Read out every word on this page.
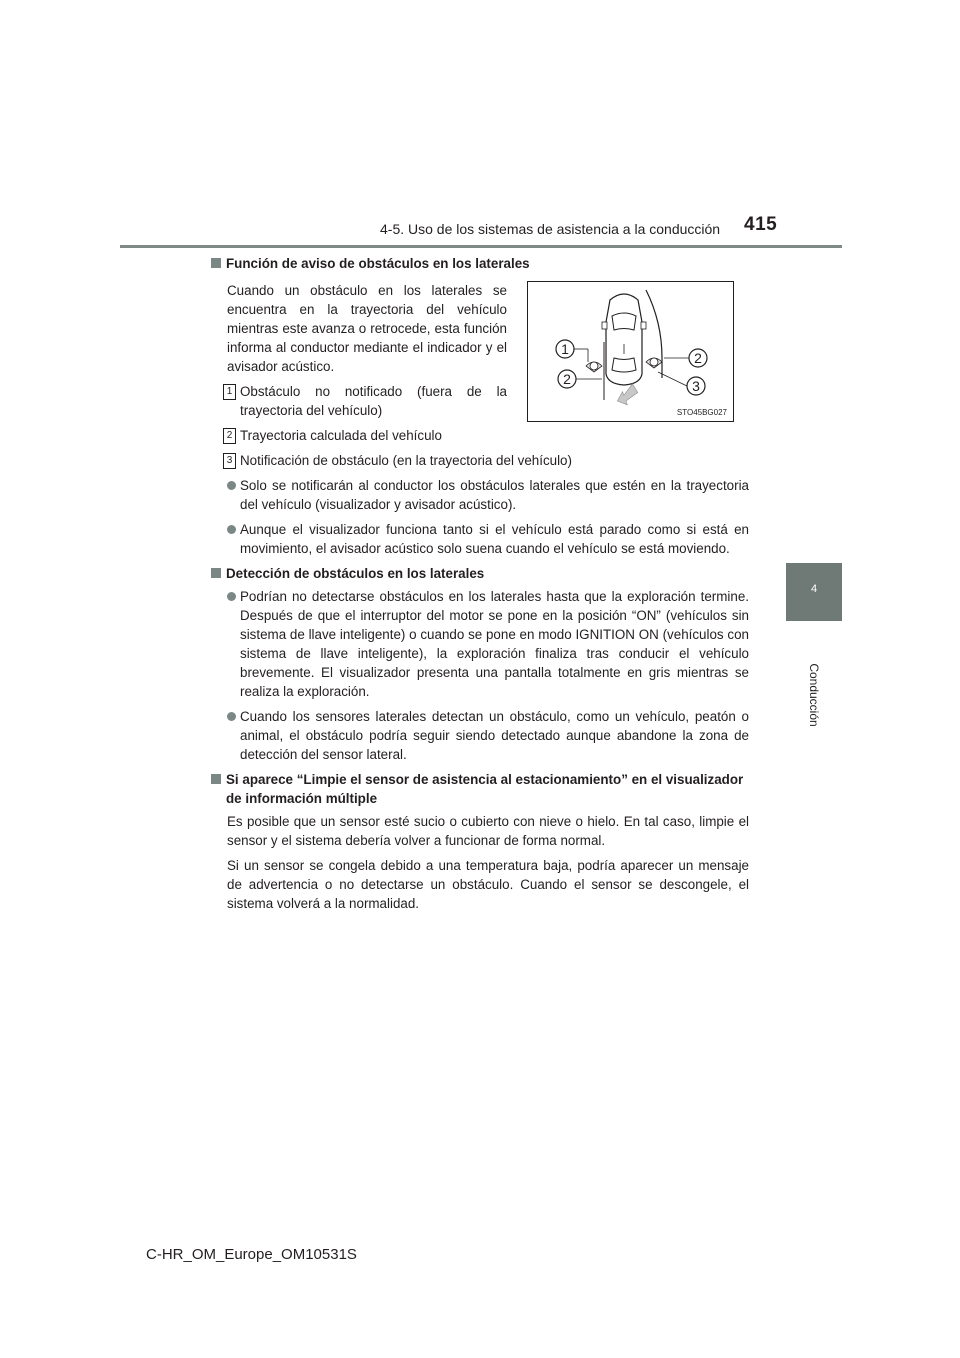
4-5. Uso de los sistemas de asistencia a la conducción 415
4
Conducción
1
2
2
3
STO45BG027
Función de aviso de obstáculos en los laterales
Cuando un obstáculo en los laterales se encuentra en la trayectoria del vehículo mientras este avanza o retrocede, esta función informa al conductor mediante el indicador y el avisador acústico.
1 Obstáculo no notificado (fuera de la trayectoria del vehículo)
2 Trayectoria calculada del vehículo
3 Notificación de obstáculo (en la trayectoria del vehículo)
Solo se notificarán al conductor los obstáculos laterales que estén en la trayectoria del vehículo (visualizador y avisador acústico).
Aunque el visualizador funciona tanto si el vehículo está parado como si está en movimiento, el avisador acústico solo suena cuando el vehículo se está moviendo.
Detección de obstáculos en los laterales
Podrían no detectarse obstáculos en los laterales hasta que la exploración termine. Después de que el interruptor del motor se pone en la posición “ON” (vehículos sin sistema de llave inteligente) o cuando se pone en modo IGNITION ON (vehículos con sistema de llave inteligente), la exploración finaliza tras conducir el vehículo brevemente. El visualizador presenta una pantalla totalmente en gris mientras se realiza la exploración.
Cuando los sensores laterales detectan un obstáculo, como un vehículo, peatón o animal, el obstáculo podría seguir siendo detectado aunque abandone la zona de detección del sensor lateral.
Si aparece “Limpie el sensor de asistencia al estacionamiento” en el visualizador de información múltiple
Es posible que un sensor esté sucio o cubierto con nieve o hielo. En tal caso, limpie el sensor y el sistema debería volver a funcionar de forma normal.
Si un sensor se congela debido a una temperatura baja, podría aparecer un mensaje de advertencia o no detectarse un obstáculo. Cuando el sensor se descongele, el sistema volverá a la normalidad.
C-HR_OM_Europe_OM10531S
